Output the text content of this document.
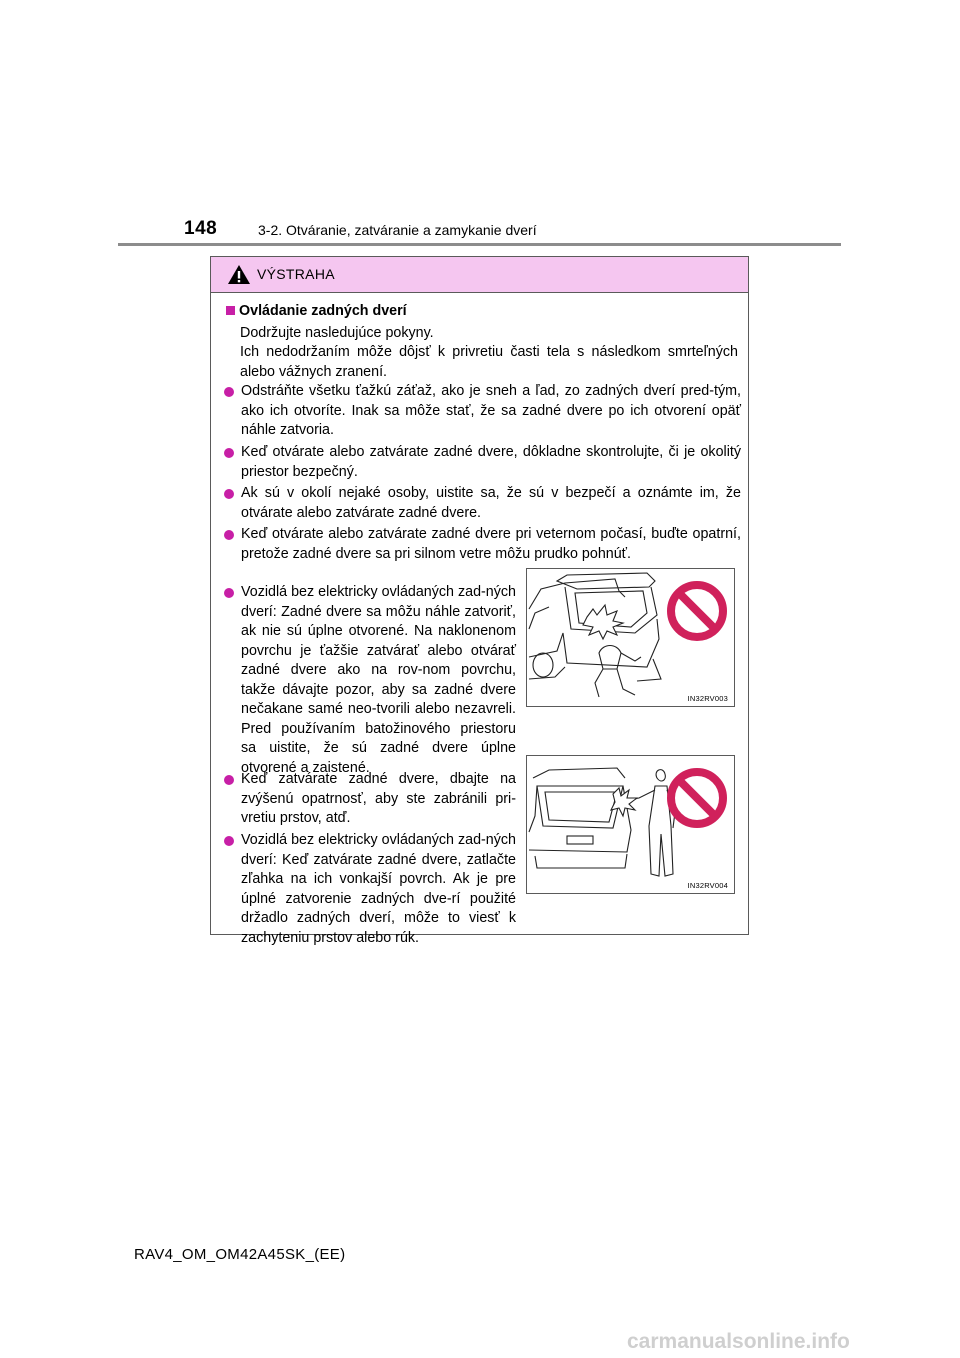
148	3-2. Otváranie, zatváranie a zamykanie dverí
VÝSTRAHA
Ovládanie zadných dverí
Dodržujte nasledujúce pokyny.
Ich nedodržaním môže dôjsť k privretiu časti tela s následkom smrteľných alebo vážnych zranení.
Odstráňte všetku ťažkú záťaž, ako je sneh a ľad, zo zadných dverí pred-tým, ako ich otvoríte. Inak sa môže stať, že sa zadné dvere po ich otvorení opäť náhle zatvoria.
Keď otvárate alebo zatvárate zadné dvere, dôkladne skontrolujte, či je okolitý priestor bezpečný.
Ak sú v okolí nejaké osoby, uistite sa, že sú v bezpečí a oznámte im, že otvárate alebo zatvárate zadné dvere.
Keď otvárate alebo zatvárate zadné dvere pri veternom počasí, buďte opatrní, pretože zadné dvere sa pri silnom vetre môžu prudko pohnúť.
Vozidlá bez elektricky ovládaných zad-ných dverí: Zadné dvere sa môžu náhle zatvoriť, ak nie sú úplne otvorené. Na naklonenom povrchu je ťažšie zatvárať alebo otvárať zadné dvere ako na rov-nom povrchu, takže dávajte pozor, aby sa zadné dvere nečakane samé neo-tvorili alebo nezavreli. Pred používaním batožinového priestoru sa uistite, že sú zadné dvere úplne otvorené a zaistené.
Keď zatvárate zadné dvere, dbajte na zvýšenú opatrnosť, aby ste zabránili pri-vretiu prstov, atď.
Vozidlá bez elektricky ovládaných zad-ných dverí: Keď zatvárate zadné dvere, zatlačte zľahka na ich vonkajší povrch. Ak je pre úplné zatvorenie zadných dve-rí použité držadlo zadných dverí, môže to viesť k zachyteniu prstov alebo rúk.
IN32RV003
IN32RV004
RAV4_OM_OM42A45SK_(EE)
carmanualsonline.info
